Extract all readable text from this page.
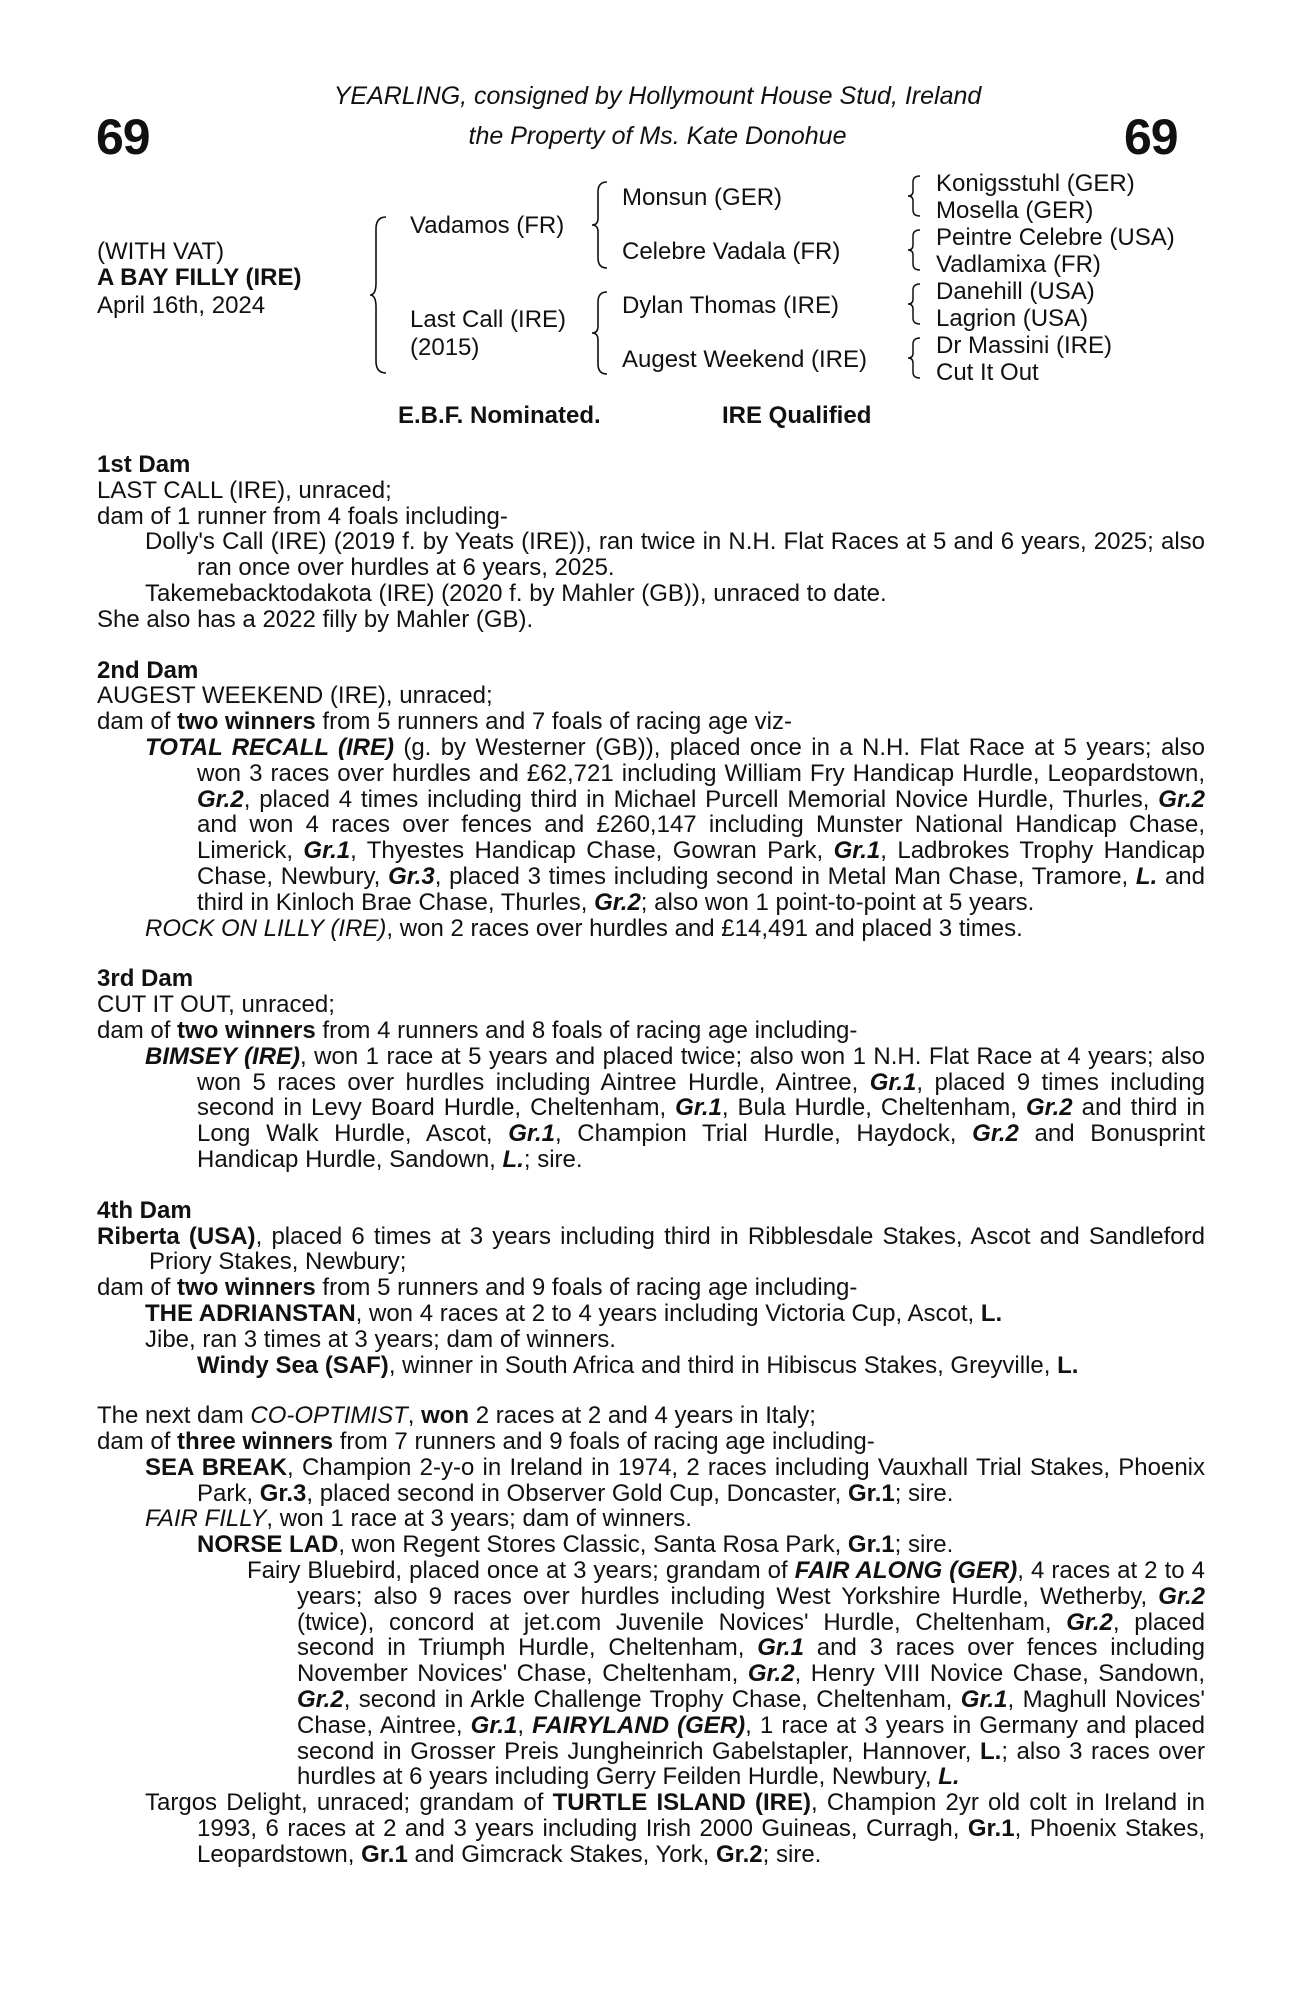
69	69
YEARLING, consigned by Hollymount House Stud, Ireland
the Property of Ms. Kate Donohue
(WITH VAT)
A BAY FILLY (IRE)
April 16th, 2024
Vadamos (FR)
Last Call (IRE)
(2015)
Monsun (GER)
Celebre Vadala (FR)
Dylan Thomas (IRE)
Augest Weekend (IRE)
Konigsstuhl (GER)
Mosella (GER)
Peintre Celebre (USA)
Vadlamixa (FR)
Danehill (USA)
Lagrion (USA)
Dr Massini (IRE)
Cut It Out
E.B.F. Nominated.	IRE Qualified

1st Dam

LAST CALL (IRE), unraced;

dam of 1 runner from 4 foals including-

Dolly's Call (IRE) (2019 f. by Yeats (IRE)), ran twice in N.H. Flat Races at 5 and 6 years, 2025; also ran once over hurdles at 6 years, 2025.

Takemebacktodakota (IRE) (2020 f. by Mahler (GB)), unraced to date.

She also has a 2022 filly by Mahler (GB).

2nd Dam

AUGEST WEEKEND (IRE), unraced;

dam of two winners from 5 runners and 7 foals of racing age viz-

TOTAL RECALL (IRE) (g. by Westerner (GB)), placed once in a N.H. Flat Race at 5 years; also won 3 races over hurdles and £62,721 including William Fry Handicap Hurdle, Leopardstown, Gr.2, placed 4 times including third in Michael Purcell Memorial Novice Hurdle, Thurles, Gr.2 and won 4 races over fences and £260,147 including Munster National Handicap Chase, Limerick, Gr.1, Thyestes Handicap Chase, Gowran Park, Gr.1, Ladbrokes Trophy Handicap Chase, Newbury, Gr.3, placed 3 times including second in Metal Man Chase, Tramore, L. and third in Kinloch Brae Chase, Thurles, Gr.2; also won 1 point-to-point at 5 years.

ROCK ON LILLY (IRE), won 2 races over hurdles and £14,491 and placed 3 times.

3rd Dam

CUT IT OUT, unraced;

dam of two winners from 4 runners and 8 foals of racing age including-

BIMSEY (IRE), won 1 race at 5 years and placed twice; also won 1 N.H. Flat Race at 4 years; also won 5 races over hurdles including Aintree Hurdle, Aintree, Gr.1, placed 9 times including second in Levy Board Hurdle, Cheltenham, Gr.1, Bula Hurdle, Cheltenham, Gr.2 and third in Long Walk Hurdle, Ascot, Gr.1, Champion Trial Hurdle, Haydock, Gr.2 and Bonusprint Handicap Hurdle, Sandown, L.; sire.

4th Dam

Riberta (USA), placed 6 times at 3 years including third in Ribblesdale Stakes, Ascot and Sandleford Priory Stakes, Newbury;

dam of two winners from 5 runners and 9 foals of racing age including-

THE ADRIANSTAN, won 4 races at 2 to 4 years including Victoria Cup, Ascot, L.

Jibe, ran 3 times at 3 years; dam of winners.

Windy Sea (SAF), winner in South Africa and third in Hibiscus Stakes, Greyville, L.

The next dam CO-OPTIMIST, won 2 races at 2 and 4 years in Italy;

dam of three winners from 7 runners and 9 foals of racing age including-

SEA BREAK, Champion 2-y-o in Ireland in 1974, 2 races including Vauxhall Trial Stakes, Phoenix Park, Gr.3, placed second in Observer Gold Cup, Doncaster, Gr.1; sire.

FAIR FILLY, won 1 race at 3 years; dam of winners.

NORSE LAD, won Regent Stores Classic, Santa Rosa Park, Gr.1; sire.

Fairy Bluebird, placed once at 3 years; grandam of FAIR ALONG (GER), 4 races at 2 to 4 years; also 9 races over hurdles including West Yorkshire Hurdle, Wetherby, Gr.2 (twice), concord at jet.com Juvenile Novices' Hurdle, Cheltenham, Gr.2, placed second in Triumph Hurdle, Cheltenham, Gr.1 and 3 races over fences including November Novices' Chase, Cheltenham, Gr.2, Henry VIII Novice Chase, Sandown, Gr.2, second in Arkle Challenge Trophy Chase, Cheltenham, Gr.1, Maghull Novices' Chase, Aintree, Gr.1, FAIRYLAND (GER), 1 race at 3 years in Germany and placed second in Grosser Preis Jungheinrich Gabelstapler, Hannover, L.; also 3 races over hurdles at 6 years including Gerry Feilden Hurdle, Newbury, L.

Targos Delight, unraced; grandam of TURTLE ISLAND (IRE), Champion 2yr old colt in Ireland in 1993, 6 races at 2 and 3 years including Irish 2000 Guineas, Curragh, Gr.1, Phoenix Stakes, Leopardstown, Gr.1 and Gimcrack Stakes, York, Gr.2; sire.
